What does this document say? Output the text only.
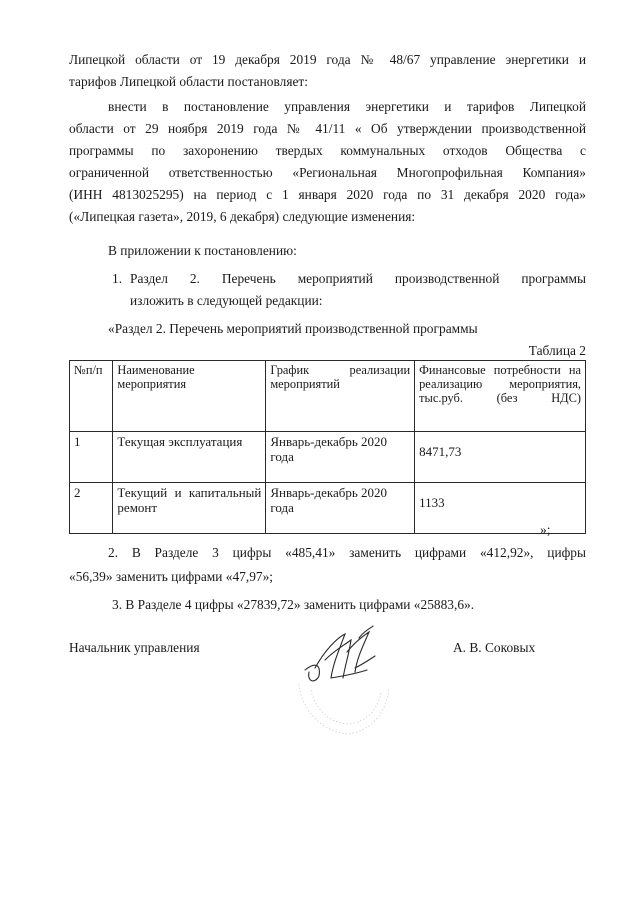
Липецкой области от 19 декабря 2019 года № 48/67 управление энергетики и
тарифов Липецкой области постановляет:
внести в постановление управления энергетики и тарифов Липецкой
области от 29 ноября 2019 года № 41/11 « Об утверждении производственной
программы по захоронению твердых коммунальных отходов Общества с
ограниченной ответственностью «Региональная Многопрофильная Компания»
(ИНН 4813025295) на период с 1 января 2020 года по 31 декабря 2020 года»
(«Липецкая газета», 2019, 6 декабря) следующие изменения:
В приложении к постановлению:
1. Раздел 2. Перечень мероприятий производственной программы
изложить в следующей редакции:
«Раздел 2. Перечень мероприятий производственной программы
Таблица 2
№п/п	Наименование мероприятия	График реализации мероприятий	Финансовые потребности на реализацию мероприятия, тыс.руб. (без НДС)
1	Текущая эксплуатация	Январь-декабрь 2020 года	8471,73
2	Текущий и капитальный ремонт	Январь-декабрь 2020 года	1133
»;
2. В Разделе 3 цифры «485,41» заменить цифрами «412,92», цифры
«56,39» заменить цифрами «47,97»;
3. В Разделе 4 цифры «27839,72» заменить цифрами «25883,6».
Начальник управления	А. В. Соковых
